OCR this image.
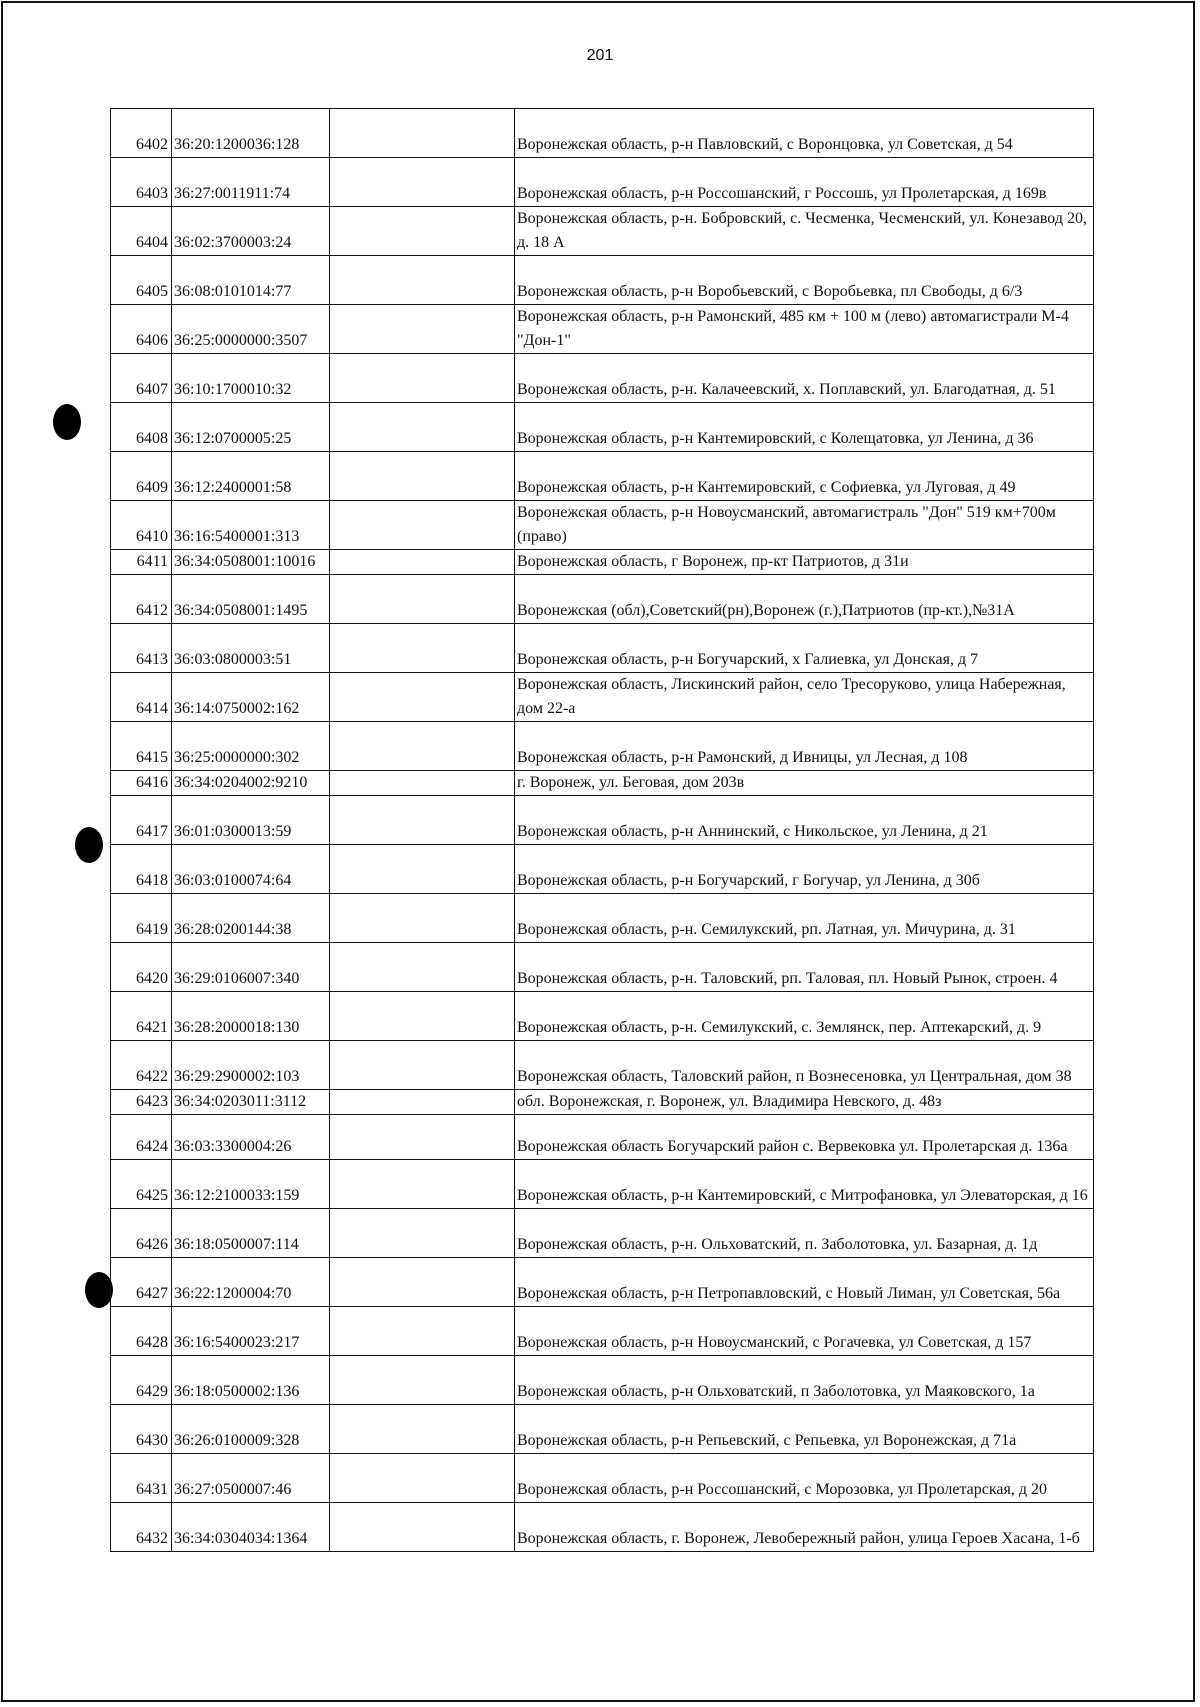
201
6402	36:20:1200036:128		Воронежская область, р-н Павловский, с Воронцовка, ул Советская, д 54
6403	36:27:0011911:74		Воронежская область, р-н Россошанский, г Россошь, ул Пролетарская, д 169в
6404	36:02:3700003:24		Воронежская область, р-н. Бобровский, с. Чесменка, Чесменский, ул. Конезавод 20, д. 18 А
6405	36:08:0101014:77		Воронежская область, р-н Воробьевский, с Воробьевка, пл Свободы, д 6/3
6406	36:25:0000000:3507		Воронежская область, р-н Рамонский, 485 км + 100 м (лево) автомагистрали М-4 "Дон-1"
6407	36:10:1700010:32		Воронежская область, р-н. Калачеевский, х. Поплавский, ул. Благодатная, д. 51
6408	36:12:0700005:25		Воронежская область, р-н Кантемировский, с Колещатовка, ул Ленина, д 36
6409	36:12:2400001:58		Воронежская область, р-н Кантемировский, с Софиевка, ул Луговая, д 49
6410	36:16:5400001:313		Воронежская область, р-н Новоусманский, автомагистраль "Дон" 519 км+700м (право)
6411	36:34:0508001:10016		Воронежская область, г Воронеж, пр-кт Патриотов, д 31и
6412	36:34:0508001:1495		Воронежская (обл),Советский(рн),Воронеж (г.),Патриотов (пр-кт.),№31А
6413	36:03:0800003:51		Воронежская область, р-н Богучарский, х Галиевка, ул Донская, д 7
6414	36:14:0750002:162		Воронежская область, Лискинский район, село Тресоруково, улица Набережная, дом 22-а
6415	36:25:0000000:302		Воронежская область, р-н Рамонский, д Ивницы, ул Лесная, д 108
6416	36:34:0204002:9210		г. Воронеж, ул. Беговая, дом 203в
6417	36:01:0300013:59		Воронежская область, р-н Аннинский, с Никольское, ул Ленина, д 21
6418	36:03:0100074:64		Воронежская область, р-н Богучарский, г Богучар, ул Ленина, д 30б
6419	36:28:0200144:38		Воронежская область, р-н. Семилукский, рп. Латная, ул. Мичурина, д. 31
6420	36:29:0106007:340		Воронежская область, р-н. Таловский, рп. Таловая, пл. Новый Рынок, строен. 4
6421	36:28:2000018:130		Воронежская область, р-н. Семилукский, с. Землянск, пер. Аптекарский, д. 9
6422	36:29:2900002:103		Воронежская область, Таловский район, п Вознесеновка, ул Центральная, дом 38
6423	36:34:0203011:3112		обл. Воронежская, г. Воронеж, ул. Владимира Невского, д. 48з
6424	36:03:3300004:26		Воронежская область Богучарский район с. Вервековка ул. Пролетарская д. 136а
6425	36:12:2100033:159		Воронежская область, р-н Кантемировский, с Митрофановка, ул Элеваторская, д 16
6426	36:18:0500007:114		Воронежская область, р-н. Ольховатский, п. Заболотовка, ул. Базарная, д. 1д
6427	36:22:1200004:70		Воронежская область, р-н Петропавловский, с Новый Лиман, ул Советская, 56а
6428	36:16:5400023:217		Воронежская область, р-н Новоусманский, с Рогачевка, ул Советская, д 157
6429	36:18:0500002:136		Воронежская область, р-н Ольховатский, п Заболотовка, ул Маяковского, 1а
6430	36:26:0100009:328		Воронежская область, р-н Репьевский, с Репьевка, ул Воронежская, д 71а
6431	36:27:0500007:46		Воронежская область, р-н Россошанский, с Морозовка, ул Пролетарская, д 20
6432	36:34:0304034:1364		Воронежская область, г. Воронеж, Левобережный район, улица Героев Хасана, 1-б
